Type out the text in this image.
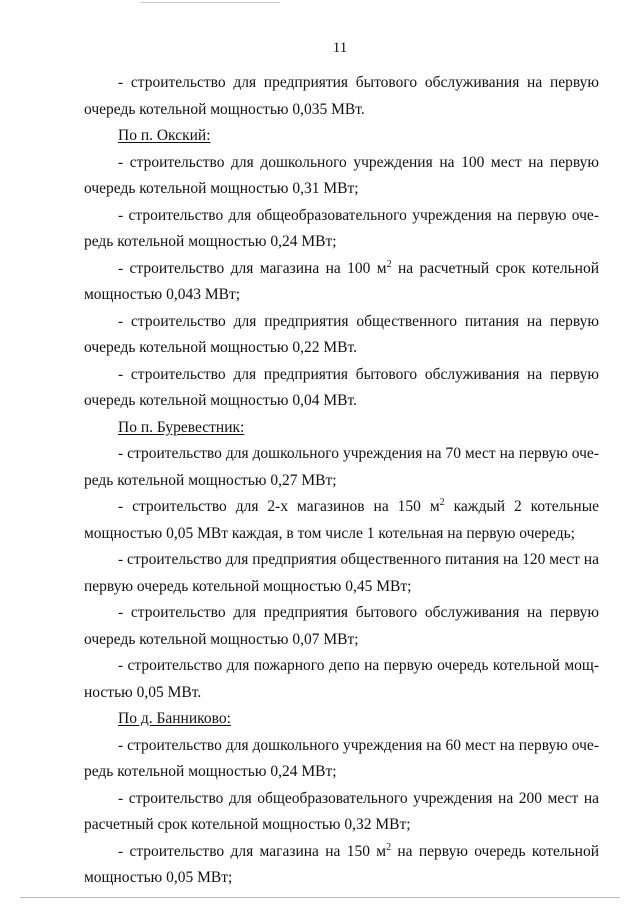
11

- строительство для предприятия бытового обслуживания на первую очередь котельной мощностью 0,035 МВт.

По п. Окский:

- строительство для дошкольного учреждения на 100 мест на первую очередь котельной мощностью 0,31 МВт;

- строительство для общеобразовательного учреждения на первую очередь котельной мощностью 0,24 МВт;

- строительство для магазина на 100 $м^2$ на расчетный срок котельной мощностью 0,043 МВт;

- строительство для предприятия общественного питания на первую очередь котельной мощностью 0,22 МВт.

- строительство для предприятия бытового обслуживания на первую очередь котельной мощностью 0,04 МВт.

По п. Буревестник:

- строительство для дошкольного учреждения на 70 мест на первую очередь котельной мощностью 0,27 МВт;

- строительство для 2-х магазинов на 150 $м^2$ каждый 2 котельные мощностью 0,05 МВт каждая, в том числе 1 котельная на первую очередь;

- строительство для предприятия общественного питания на 120 мест на первую очередь котельной мощностью 0,45 МВт;

- строительство для предприятия бытового обслуживания на первую очередь котельной мощностью 0,07 МВт;

- строительство для пожарного депо на первую очередь котельной мощностью 0,05 МВт.

По д. Банниково:

- строительство для дошкольного учреждения на 60 мест на первую очередь котельной мощностью 0,24 МВт;

- строительство для общеобразовательного учреждения на 200 мест на расчетный срок котельной мощностью 0,32 МВт;

- строительство для магазина на 150 $м^2$ на первую очередь котельной мощностью 0,05 МВт;
